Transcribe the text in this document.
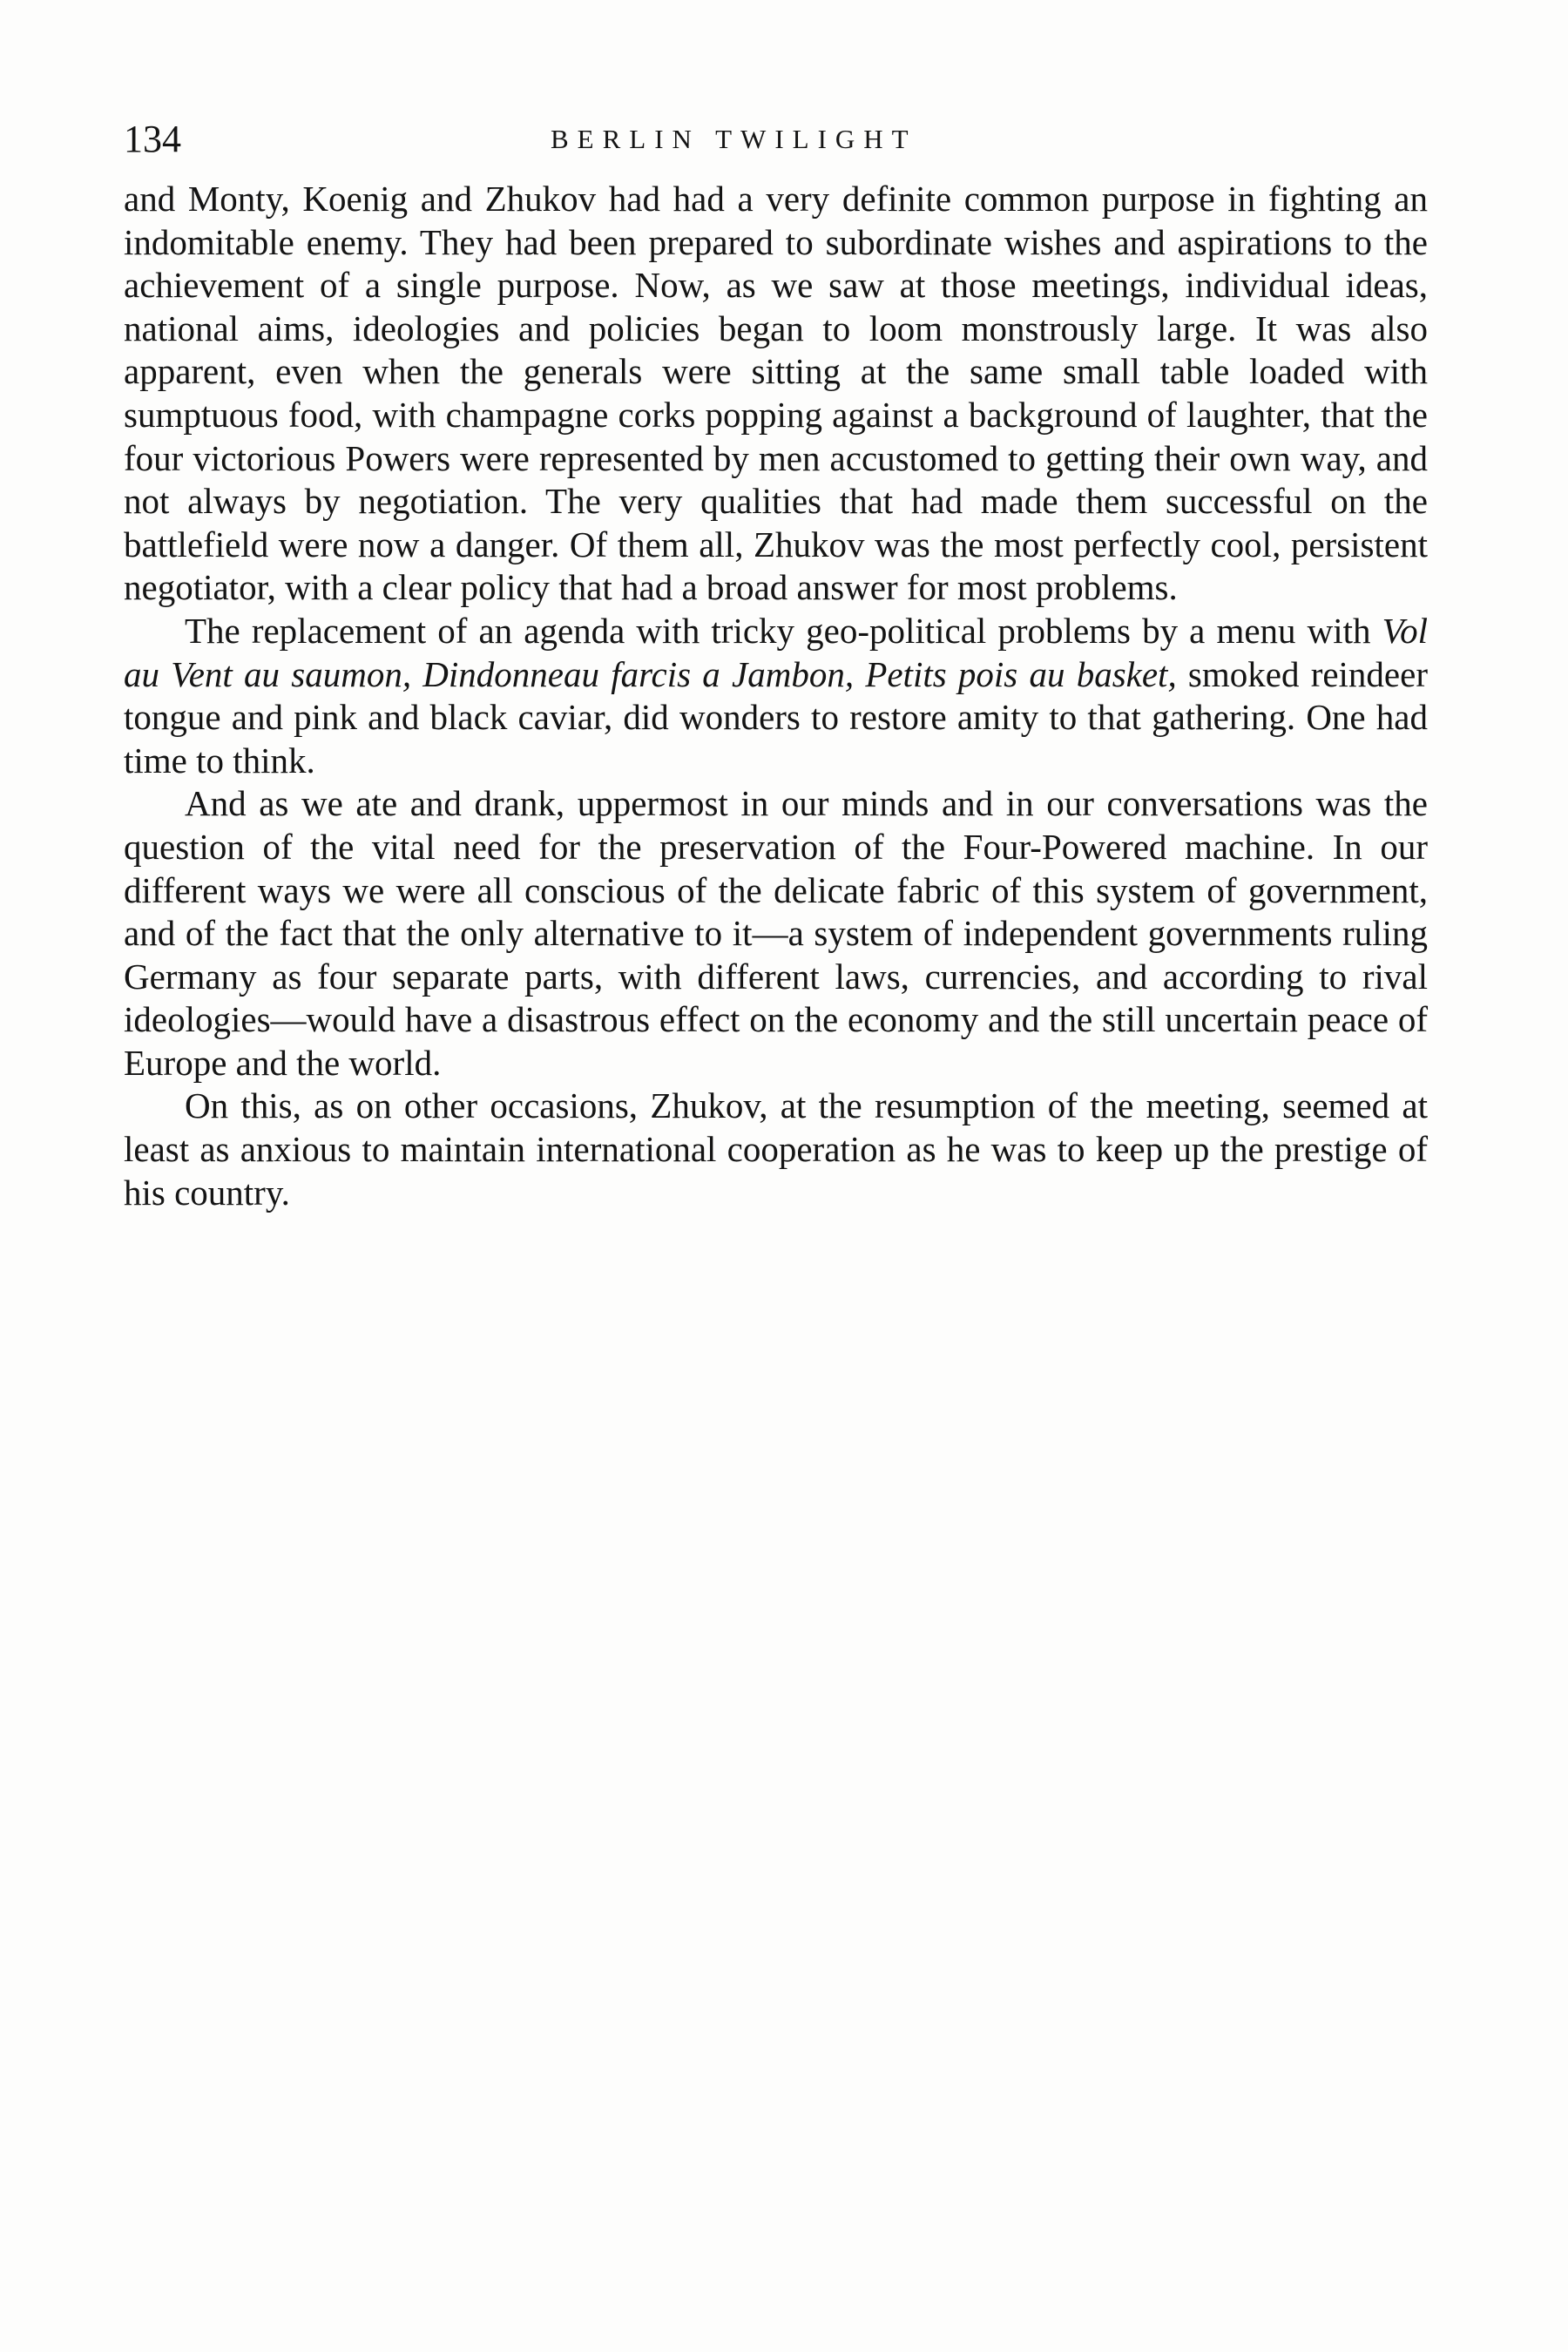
134	BERLIN TWILIGHT

and Monty, Koenig and Zhukov had had a very definite common purpose in fighting an indomitable enemy. They had been prepared to subordinate wishes and aspirations to the achievement of a single purpose. Now, as we saw at those meetings, individual ideas, national aims, ideologies and policies began to loom monstrously large. It was also apparent, even when the generals were sitting at the same small table loaded with sumptuous food, with champagne corks popping against a background of laughter, that the four victorious Powers were represented by men accustomed to getting their own way, and not always by negotiation. The very qualities that had made them successful on the battlefield were now a danger. Of them all, Zhukov was the most perfectly cool, persistent negotiator, with a clear policy that had a broad answer for most problems.

The replacement of an agenda with tricky geo-political problems by a menu with Vol au Vent au saumon, Dindonneau farcis a Jambon, Petits pois au basket, smoked reindeer tongue and pink and black caviar, did wonders to restore amity to that gathering. One had time to think.

And as we ate and drank, uppermost in our minds and in our conversations was the question of the vital need for the preservation of the Four-Powered machine. In our different ways we were all conscious of the delicate fabric of this system of government, and of the fact that the only alternative to it—a system of independent governments ruling Germany as four separate parts, with different laws, currencies, and according to rival ideologies—would have a disastrous effect on the economy and the still uncertain peace of Europe and the world.

On this, as on other occasions, Zhukov, at the resumption of the meeting, seemed at least as anxious to maintain international cooperation as he was to keep up the prestige of his country.
